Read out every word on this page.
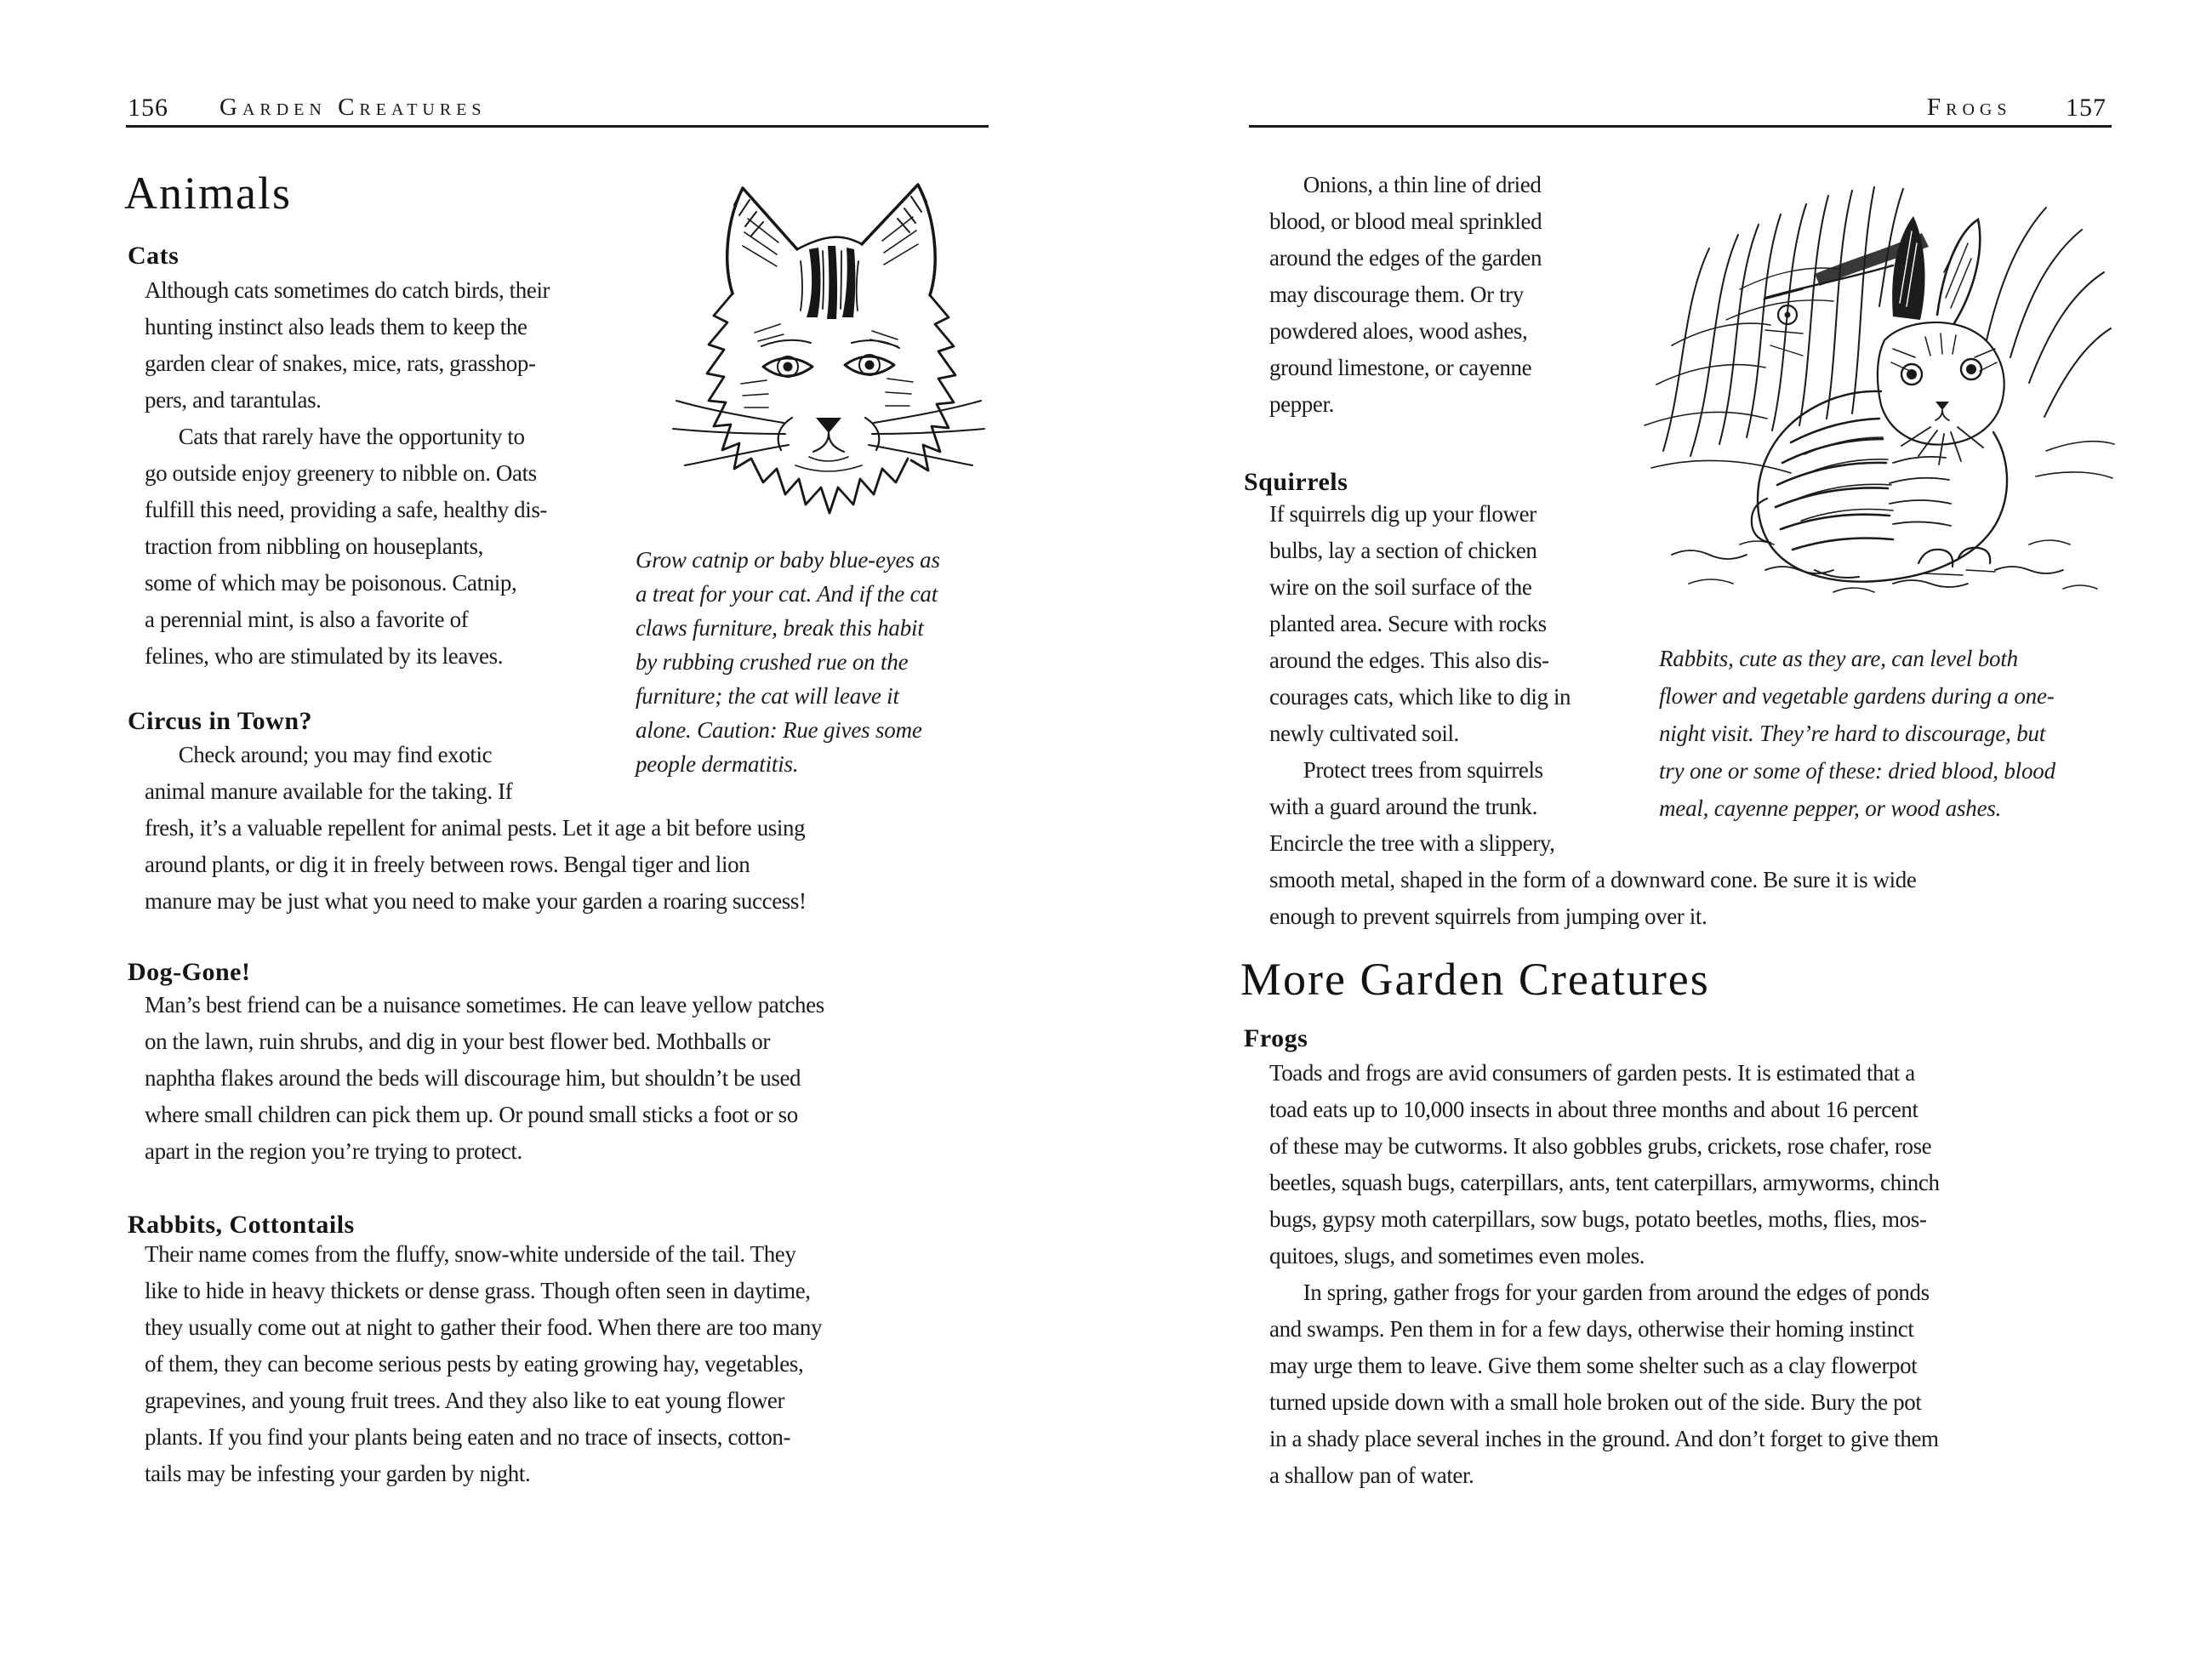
156 Garden Creatures
Animals
Cats
Although cats sometimes do catch birds, their
hunting instinct also leads them to keep the
garden clear of snakes, mice, rats, grasshop-
pers, and tarantulas.
  Cats that rarely have the opportunity to
go outside enjoy greenery to nibble on. Oats
fulfill this need, providing a safe, healthy dis-
traction from nibbling on houseplants,
some of which may be poisonous. Catnip,
a perennial mint, is also a favorite of
felines, who are stimulated by its leaves.
Grow catnip or baby blue-eyes as
a treat for your cat. And if the cat
claws furniture, break this habit
by rubbing crushed rue on the
furniture; the cat will leave it
alone. Caution: Rue gives some
people dermatitis.
Circus in Town?
  Check around; you may find exotic
animal manure available for the taking. If
fresh, it’s a valuable repellent for animal pests. Let it age a bit before using
around plants, or dig it in freely between rows. Bengal tiger and lion
manure may be just what you need to make your garden a roaring success!
Dog-Gone!
Man’s best friend can be a nuisance sometimes. He can leave yellow patches
on the lawn, ruin shrubs, and dig in your best flower bed. Mothballs or
naphtha flakes around the beds will discourage him, but shouldn’t be used
where small children can pick them up. Or pound small sticks a foot or so
apart in the region you’re trying to protect.
Rabbits, Cottontails
Their name comes from the fluffy, snow-white underside of the tail. They
like to hide in heavy thickets or dense grass. Though often seen in daytime,
they usually come out at night to gather their food. When there are too many
of them, they can become serious pests by eating growing hay, vegetables,
grapevines, and young fruit trees. And they also like to eat young flower
plants. If you find your plants being eaten and no trace of insects, cotton-
tails may be infesting your garden by night.
Frogs 157
  Onions, a thin line of dried
blood, or blood meal sprinkled
around the edges of the garden
may discourage them. Or try
powdered aloes, wood ashes,
ground limestone, or cayenne
pepper.
Squirrels
If squirrels dig up your flower
bulbs, lay a section of chicken
wire on the soil surface of the
planted area. Secure with rocks
around the edges. This also dis-
courages cats, which like to dig in
newly cultivated soil.
  Protect trees from squirrels
with a guard around the trunk.
Encircle the tree with a slippery,
smooth metal, shaped in the form of a downward cone. Be sure it is wide
enough to prevent squirrels from jumping over it.
Rabbits, cute as they are, can level both
flower and vegetable gardens during a one-
night visit. They’re hard to discourage, but
try one or some of these: dried blood, blood
meal, cayenne pepper, or wood ashes. 
More Garden Creatures
Frogs
Toads and frogs are avid consumers of garden pests. It is estimated that a
toad eats up to 10,000 insects in about three months and about 16 percent
of these may be cutworms. It also gobbles grubs, crickets, rose chafer, rose
beetles, squash bugs, caterpillars, ants, tent caterpillars, armyworms, chinch
bugs, gypsy moth caterpillars, sow bugs, potato beetles, moths, flies, mos-
quitoes, slugs, and sometimes even moles.
  In spring, gather frogs for your garden from around the edges of ponds
and swamps. Pen them in for a few days, otherwise their homing instinct
may urge them to leave. Give them some shelter such as a clay flowerpot
turned upside down with a small hole broken out of the side. Bury the pot
in a shady place several inches in the ground. And don’t forget to give them
a shallow pan of water.
